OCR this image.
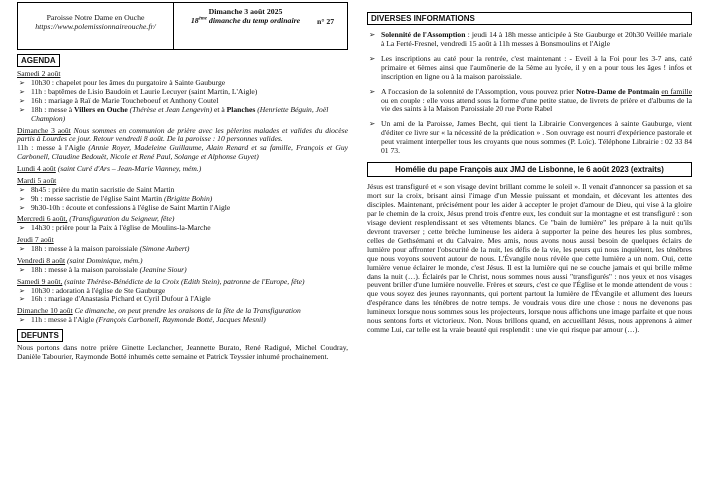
Paroisse Notre Dame en Ouche
https://www.polemissionnaireouche.fr/
Dimanche 3 août 2025
18ème dimanche du temp ordinaire	n° 27
AGENDA
Samedi 2 août
➢ 10h30 : chapelet pour les âmes du purgatoire à Sainte Gauburge
➢ 11h : baptêmes de Lisio Baudoin et Laurie Lecuyer (saint Martin, L'Aigle)
➢ 16h : mariage à Raï de Marie Toucheboeuf et Anthony Coutel
➢ 18h : messe à Villers en Ouche (Thérèse et Jean Lengevin) et à Planches (Henriette Béguin, Joël Champion)
Dimanche 3 août Nous sommes en communion de prière avec les pèlerins malades et valides du diocèse partis à Lourdes ce jour. Retour vendredi 8 août. De la paroisse : 10 personnes valides.
11h : messe à l'Aigle (Annie Royer, Madeleine Guillaume, Alain Renard et sa famille, François et Guy Carbonell, Claudine Bedouët, Nicole et René Paul, Solange et Alphonse Guyet)
Lundi 4 août (saint Curé d'Ars – Jean-Marie Vianney, mém.)
Mardi 5 août
➢ 8h45 : prière du matin sacristie de Saint Martin
➢ 9h : messe sacristie de l'église Saint Martin (Brigitte Bohin)
➢ 9h30-10h : écoute et confessions à l'église de Saint Martin l'Aigle
Mercredi 6 août, (Transfiguration du Seigneur, fête)
➢ 14h30 : prière pour la Paix à l'église de Moulins-la-Marche
Jeudi 7 août
➢ 18h : messe à la maison paroissiale (Simone Aubert)
Vendredi 8 août (saint Dominique, mém.)
➢ 18h : messe à la maison paroissiale (Jeanine Siour)
Samedi 9 août, (sainte Thérèse-Bénédicte de la Croix (Edith Stein), patronne de l'Europe, fête)
➢ 10h30 : adoration à l'église de Ste Gauburge
➢ 16h : mariage d'Anastasia Pichard et Cyril Dufour à l'Aigle
Dimanche 10 août Ce dimanche, on peut prendre les oraisons de la fête de la Transfiguration
➢ 11h : messe à l'Aigle (François Carbonell, Raymonde Botté, Jacques Mesnil)
DEFUNTS
Nous portons dans notre prière Ginette Leclancher, Jeannette Burato, René Radigué, Michel Coudray, Danièle Tabourier, Raymonde Botté inhumés cette semaine et Patrick Teyssier inhumé prochainement.
DIVERSES INFORMATIONS
➢ Solennité de l'Assomption : jeudi 14 à 18h messe anticipée à Ste Gauburge et 20h30 Veillée mariale à La Ferté-Fresnel, vendredi 15 août à 11h messes à Bonsmoulins et l'Aigle
➢ Les inscriptions au caté pour la rentrée, c'est maintenant : - Eveil à la Foi pour les 3-7 ans, caté primaire et 6èmes ainsi que l'aumônerie de la 5ème au lycée, il y en a pour tous les âges ! infos et inscription en ligne ou à la maison paroissiale.
➢ A l'occasion de la solennité de l'Assomption, vous pouvez prier Notre-Dame de Pontmain en famille ou en couple : elle vous attend sous la forme d'une petite statue, de livrets de prière et d'albums de la vie des saints à la Maison Paroissiale 20 rue Porte Rabel
➢ Un ami de la Paroisse, James Becht, qui tient la Librairie Convergences à sainte Gauburge, vient d'éditer ce livre sur « la nécessité de la prédication » . Son ouvrage est nourri d'expérience pastorale et peut vraiment interpeller tous les croyants que nous sommes (P. Loïc). Téléphone Librairie : 02 33 84 01 73.
Homélie du pape François aux JMJ de Lisbonne, le 6 août 2023 (extraits)
Jésus est transfiguré et « son visage devint brillant comme le soleil ». Il venait d'annoncer sa passion et sa mort sur la croix, brisant ainsi l'image d'un Messie puissant et mondain, et décevant les attentes des disciples. Maintenant, précisément pour les aider à accepter le projet d'amour de Dieu, qui vise à la gloire par le chemin de la croix, Jésus prend trois d'entre eux, les conduit sur la montagne et est transfiguré : son visage devient resplendissant et ses vêtements blancs. Ce "bain de lumière" les prépare à la nuit qu'ils devront traverser ; cette brèche lumineuse les aidera à supporter la peine des heures les plus sombres, celles de Gethsémani et du Calvaire. Mes amis, nous avons nous aussi besoin de quelques éclairs de lumière pour affronter l'obscurité de la nuit, les défis de la vie, les peurs qui nous inquiètent, les ténèbres que nous voyons souvent autour de nous. L'Évangile nous révèle que cette lumière a un nom. Oui, cette lumière venue éclairer le monde, c'est Jésus. Il est la lumière qui ne se couche jamais et qui brille même dans la nuit (…). Éclairés par le Christ, nous sommes nous aussi "transfigurés" : nos yeux et nos visages peuvent briller d'une lumière nouvelle. Frères et sœurs, c'est ce que l'Église et le monde attendent de vous : que vous soyez des jeunes rayonnants, qui portent partout la lumière de l'Évangile et allument des lueurs d'espérance dans les ténèbres de notre temps. Je voudrais vous dire une chose : nous ne devenons pas lumineux lorsque nous sommes sous les projecteurs, lorsque nous affichons une image parfaite et que nous nous sentons forts et victorieux. Non. Nous brillons quand, en accueillant Jésus, nous apprenons à aimer comme Lui, car telle est la vraie beauté qui resplendit : une vie qui risque par amour (…).
